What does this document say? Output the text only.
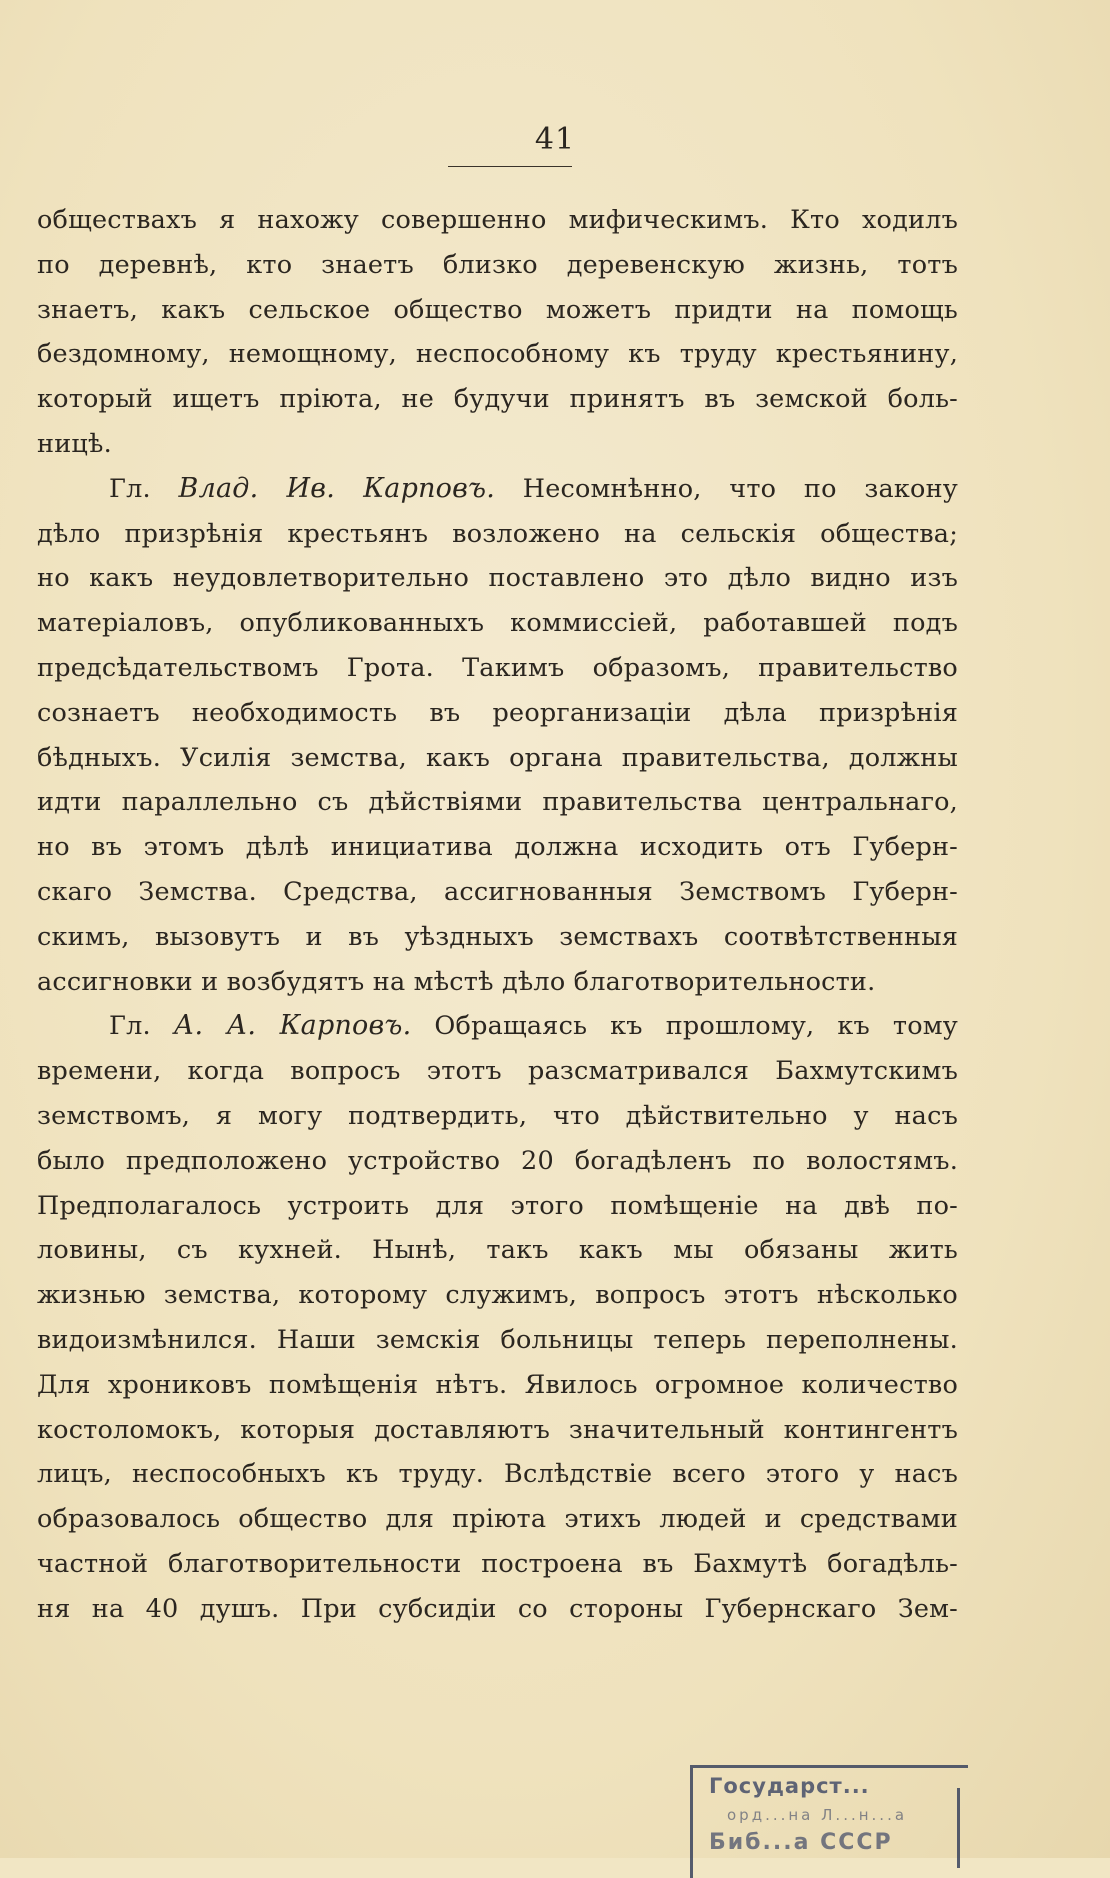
41
обществахъ я нахожу совершенно мифическимъ. Кто ходилъ
по деревнѣ, кто знаетъ близко деревенскую жизнь, тотъ
знаетъ, какъ сельское общество можетъ придти на помощь
бездомному, немощному, неспособному къ труду крестьянину,
который ищетъ прiюта, не будучи принятъ въ земской боль-
ницѣ.
Гл. Влад. Ив. Карповъ. Несомнѣнно, что по закону
дѣло призрѣнiя крестьянъ возложено на сельскiя общества;
но какъ неудовлетворительно поставлено это дѣло видно изъ
матерiаловъ, опубликованныхъ коммиссiей, работавшей подъ
предсѣдательствомъ Грота. Такимъ образомъ, правительство
сознаетъ необходимость въ реорганизацiи дѣла призрѣнiя
бѣдныхъ. Усилiя земства, какъ органа правительства, должны
идти параллельно съ дѣйствiями правительства центральнаго,
но въ этомъ дѣлѣ инициатива должна исходить отъ Губерн-
скаго Земства. Средства, ассигнованныя Земствомъ Губерн-
скимъ, вызовутъ и въ уѣздныхъ земствахъ соотвѣтственныя
ассигновки и возбудятъ на мѣстѣ дѣло благотворительности.
Гл. А. А. Карповъ. Обращаясь къ прошлому, къ тому
времени, когда вопросъ этотъ разсматривался Бахмутскимъ
земствомъ, я могу подтвердить, что дѣйствительно у насъ
было предположено устройство 20 богадѣленъ по волостямъ.
Предполагалось устроить для этого помѣщенiе на двѣ по-
ловины, съ кухней. Нынѣ, такъ какъ мы обязаны жить
жизнью земства, которому служимъ, вопросъ этотъ нѣсколько
видоизмѣнился. Наши земскiя больницы теперь переполнены.
Для хрониковъ помѣщенiя нѣтъ. Явилось огромное количество
костоломокъ, которыя доставляютъ значительный контингентъ
лицъ, неспособныхъ къ труду. Вслѣдствiе всего этого у насъ
образовалось общество для прiюта этихъ людей и средствами
частной благотворительности построена въ Бахмутѣ богадѣль-
ня на 40 душъ. При субсидiи со стороны Губернскаго Зем-
Государст...
орд...на Л...н...а
Биб...а СССР
